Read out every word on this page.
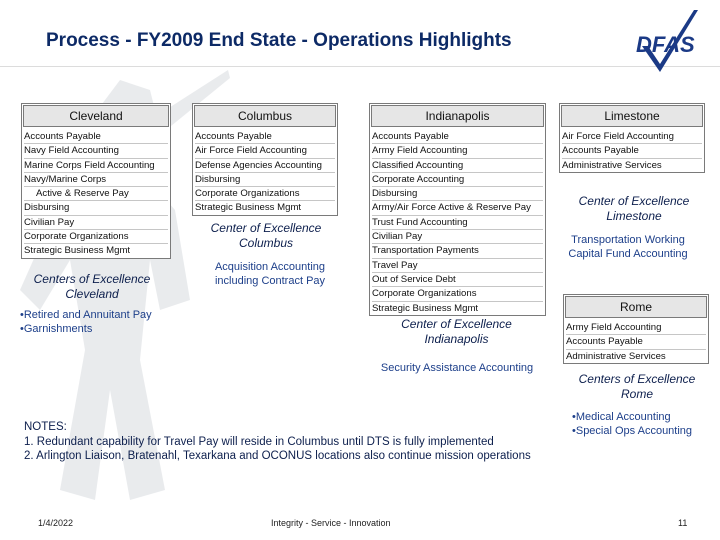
Process - FY2009 End State - Operations Highlights	DFAS
Cleveland
Accounts Payable
Navy Field Accounting
Marine Corps Field Accounting
Navy/Marine Corps
Active & Reserve Pay
Disbursing
Civilian Pay
Corporate Organizations
Strategic Business Mgmt
Centers of Excellence Cleveland
•Retired and Annuitant Pay
•Garnishments
Columbus
Accounts Payable
Air Force Field Accounting
Defense Agencies Accounting
Disbursing
Corporate Organizations
Strategic Business Mgmt
Center of Excellence Columbus
Acquisition Accounting including Contract Pay
Indianapolis
Accounts Payable
Army Field Accounting
Classified Accounting
Corporate Accounting
Disbursing
Army/Air Force Active & Reserve Pay
Trust Fund Accounting
Civilian Pay
Transportation Payments
Travel Pay
Out of Service Debt
Corporate Organizations
Strategic Business Mgmt
Center of Excellence Indianapolis
Security Assistance Accounting
Limestone
Air Force Field Accounting
Accounts Payable
Administrative Services
Center of Excellence Limestone
Transportation Working Capital Fund Accounting
Rome
Army Field Accounting
Accounts Payable
Administrative Services
Centers of Excellence Rome
•Medical Accounting
•Special Ops Accounting
NOTES:
1. Redundant capability for Travel Pay will reside in Columbus until DTS is fully implemented
2. Arlington Liaison, Bratenahl, Texarkana and OCONUS locations also continue mission operations
1/4/2022	Integrity - Service - Innovation	11
